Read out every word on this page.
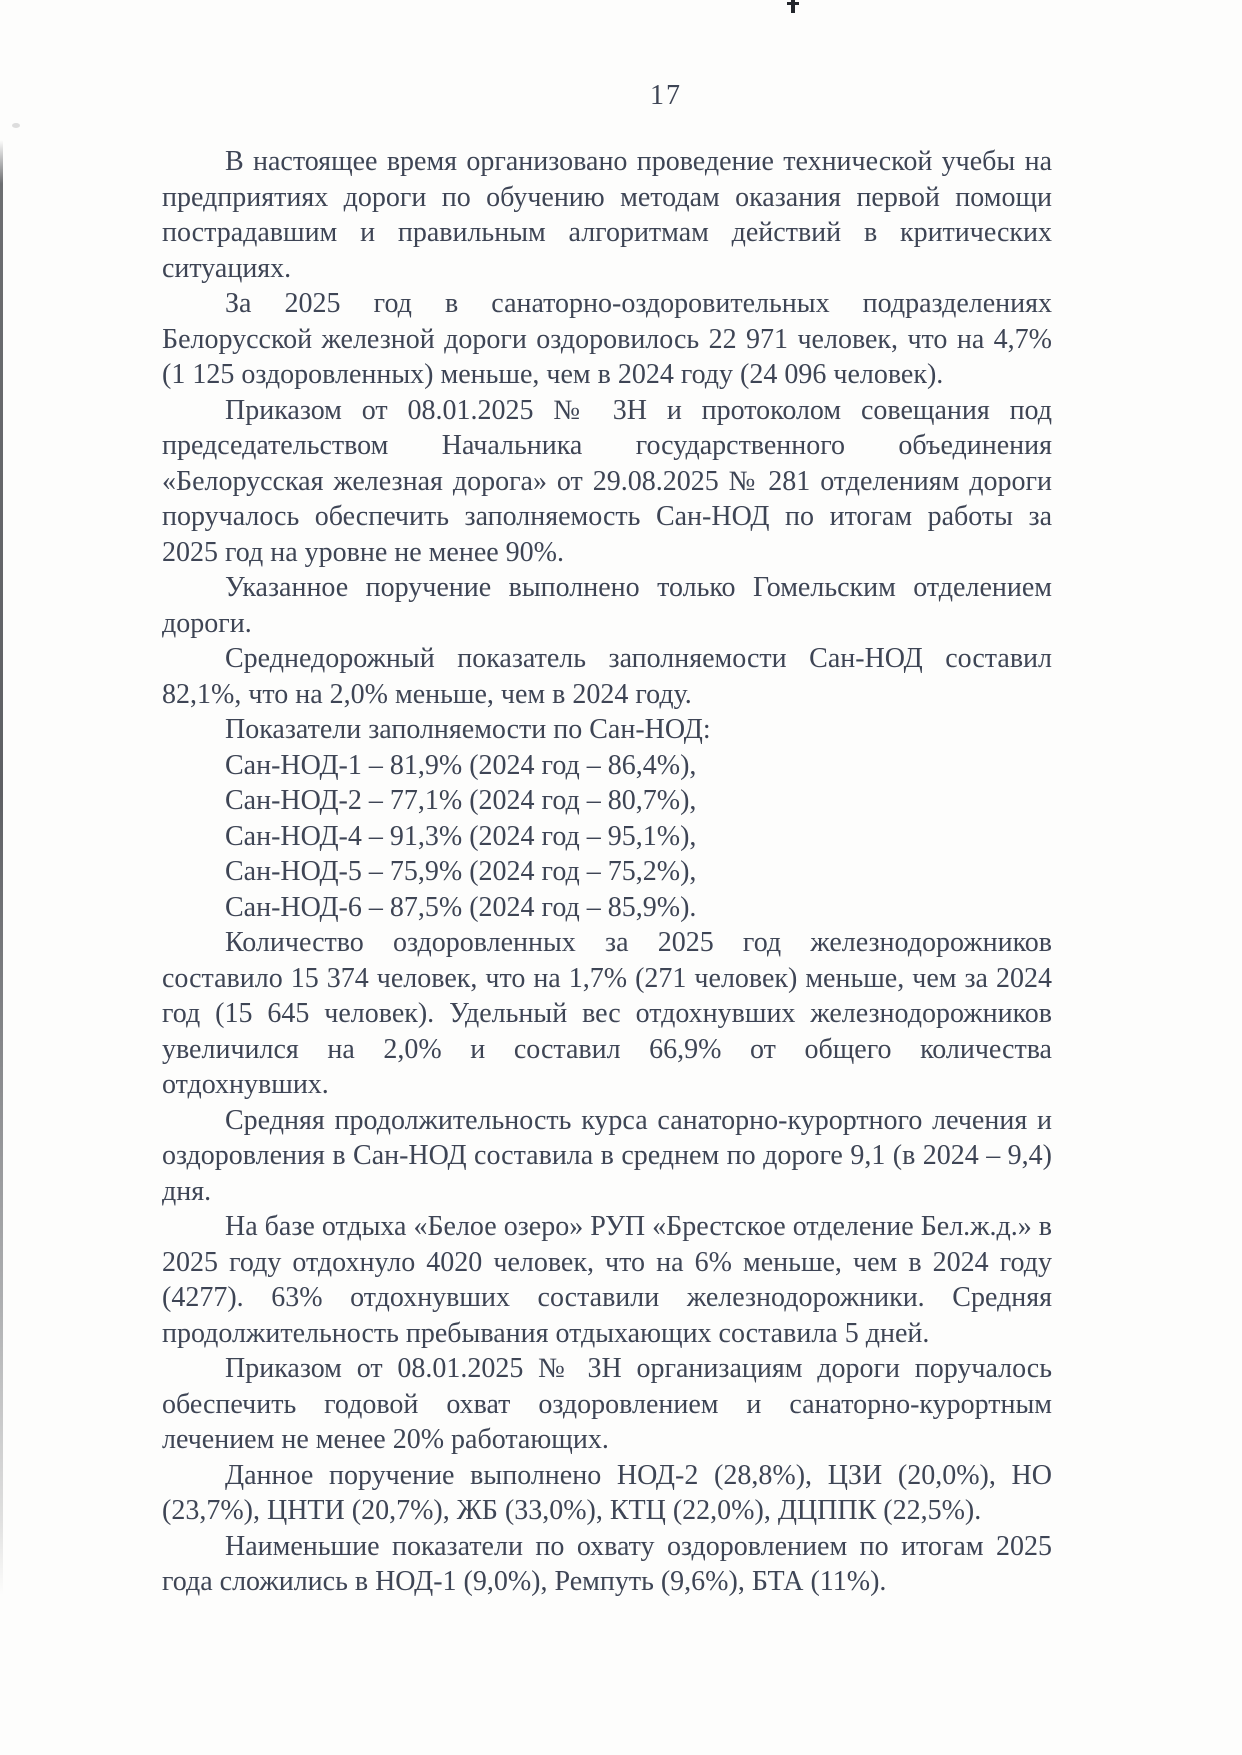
17

В настоящее время организовано проведение технической учебы на предприятиях дороги по обучению методам оказания первой помощи пострадавшим и правильным алгоритмам действий в критических ситуациях.

За 2025 год в санаторно-оздоровительных подразделениях Белорусской железной дороги оздоровилось 22 971 человек, что на 4,7% (1 125 оздоровленных) меньше, чем в 2024 году (24 096 человек).

Приказом от 08.01.2025 № 3Н и протоколом совещания под председательством Начальника государственного объединения «Белорусская железная дорога» от 29.08.2025 № 281 отделениям дороги поручалось обеспечить заполняемость Сан-НОД по итогам работы за 2025 год на уровне не менее 90%.

Указанное поручение выполнено только Гомельским отделением дороги.

Среднедорожный показатель заполняемости Сан-НОД составил 82,1%, что на 2,0% меньше, чем в 2024 году.

Показатели заполняемости по Сан-НОД:

Сан-НОД-1 – 81,9% (2024 год – 86,4%),

Сан-НОД-2 – 77,1% (2024 год – 80,7%),

Сан-НОД-4 – 91,3% (2024 год – 95,1%),

Сан-НОД-5 – 75,9% (2024 год – 75,2%),

Сан-НОД-6 – 87,5% (2024 год – 85,9%).

Количество оздоровленных за 2025 год железнодорожников составило 15 374 человек, что на 1,7% (271 человек) меньше, чем за 2024 год (15 645 человек). Удельный вес отдохнувших железнодорожников увеличился на 2,0% и составил 66,9% от общего количества отдохнувших.

Средняя продолжительность курса санаторно-курортного лечения и оздоровления в Сан-НОД составила в среднем по дороге 9,1 (в 2024 – 9,4) дня.

На базе отдыха «Белое озеро» РУП «Брестское отделение Бел.ж.д.» в 2025 году отдохнуло 4020 человек, что на 6% меньше, чем в 2024 году (4277). 63% отдохнувших составили железнодорожники. Средняя продолжительность пребывания отдыхающих составила 5 дней.

Приказом от 08.01.2025 № 3Н организациям дороги поручалось обеспечить годовой охват оздоровлением и санаторно-курортным лечением не менее 20% работающих.

Данное поручение выполнено НОД-2 (28,8%), ЦЗИ (20,0%), НО (23,7%), ЦНТИ (20,7%), ЖБ (33,0%), КТЦ (22,0%), ДЦППК (22,5%).

Наименьшие показатели по охвату оздоровлением по итогам 2025 года сложились в НОД-1 (9,0%), Ремпуть (9,6%), БТА (11%).
